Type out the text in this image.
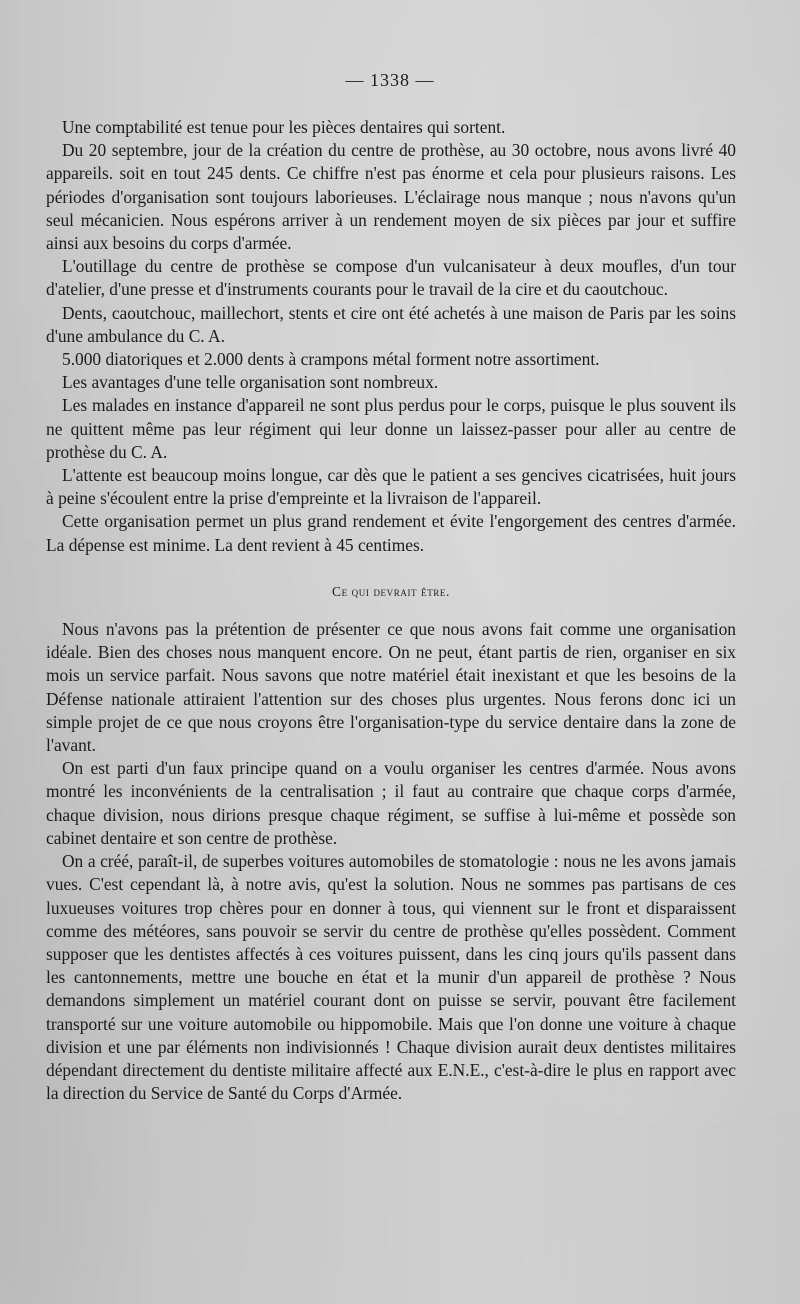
— 1338 —

Une comptabilité est tenue pour les pièces dentaires qui sortent.

Du 20 septembre, jour de la création du centre de prothèse, au 30 octobre, nous avons livré 40 appareils. soit en tout 245 dents. Ce chiffre n'est pas énorme et cela pour plusieurs raisons. Les périodes d'organisation sont toujours laborieuses. L'éclairage nous manque ; nous n'avons qu'un seul mécanicien. Nous espérons arriver à un rendement moyen de six pièces par jour et suffire ainsi aux besoins du corps d'armée.

L'outillage du centre de prothèse se compose d'un vulcanisateur à deux moufles, d'un tour d'atelier, d'une presse et d'instruments courants pour le travail de la cire et du caoutchouc.

Dents, caoutchouc, maillechort, stents et cire ont été achetés à une maison de Paris par les soins d'une ambulance du C. A.

5.000 diatoriques et 2.000 dents à crampons métal forment notre assortiment.

Les avantages d'une telle organisation sont nombreux.

Les malades en instance d'appareil ne sont plus perdus pour le corps, puisque le plus souvent ils ne quittent même pas leur régiment qui leur donne un laissez-passer pour aller au centre de prothèse du C. A.

L'attente est beaucoup moins longue, car dès que le patient a ses gencives cicatrisées, huit jours à peine s'écoulent entre la prise d'empreinte et la livraison de l'appareil.

Cette organisation permet un plus grand rendement et évite l'engorgement des centres d'armée. La dépense est minime. La dent revient à 45 centimes.

Ce qui devrait être.

Nous n'avons pas la prétention de présenter ce que nous avons fait comme une organisation idéale. Bien des choses nous manquent encore. On ne peut, étant partis de rien, organiser en six mois un service parfait. Nous savons que notre matériel était inexistant et que les besoins de la Défense nationale attiraient l'attention sur des choses plus urgentes. Nous ferons donc ici un simple projet de ce que nous croyons être l'organisation-type du service dentaire dans la zone de l'avant.

On est parti d'un faux principe quand on a voulu organiser les centres d'armée. Nous avons montré les inconvénients de la centralisation ; il faut au contraire que chaque corps d'armée, chaque division, nous dirions presque chaque régiment, se suffise à lui-même et possède son cabinet dentaire et son centre de prothèse.

On a créé, paraît-il, de superbes voitures automobiles de stomatologie : nous ne les avons jamais vues. C'est cependant là, à notre avis, qu'est la solution. Nous ne sommes pas partisans de ces luxueuses voitures trop chères pour en donner à tous, qui viennent sur le front et disparaissent comme des météores, sans pouvoir se servir du centre de prothèse qu'elles possèdent. Comment supposer que les dentistes affectés à ces voitures puissent, dans les cinq jours qu'ils passent dans les cantonnements, mettre une bouche en état et la munir d'un appareil de prothèse ? Nous demandons simplement un matériel courant dont on puisse se servir, pouvant être facilement transporté sur une voiture automobile ou hippomobile. Mais que l'on donne une voiture à chaque division et une par éléments non indivisionnés ! Chaque division aurait deux dentistes militaires dépendant directement du dentiste militaire affecté aux E.N.E., c'est-à-dire le plus en rapport avec la direction du Service de Santé du Corps d'Armée.
